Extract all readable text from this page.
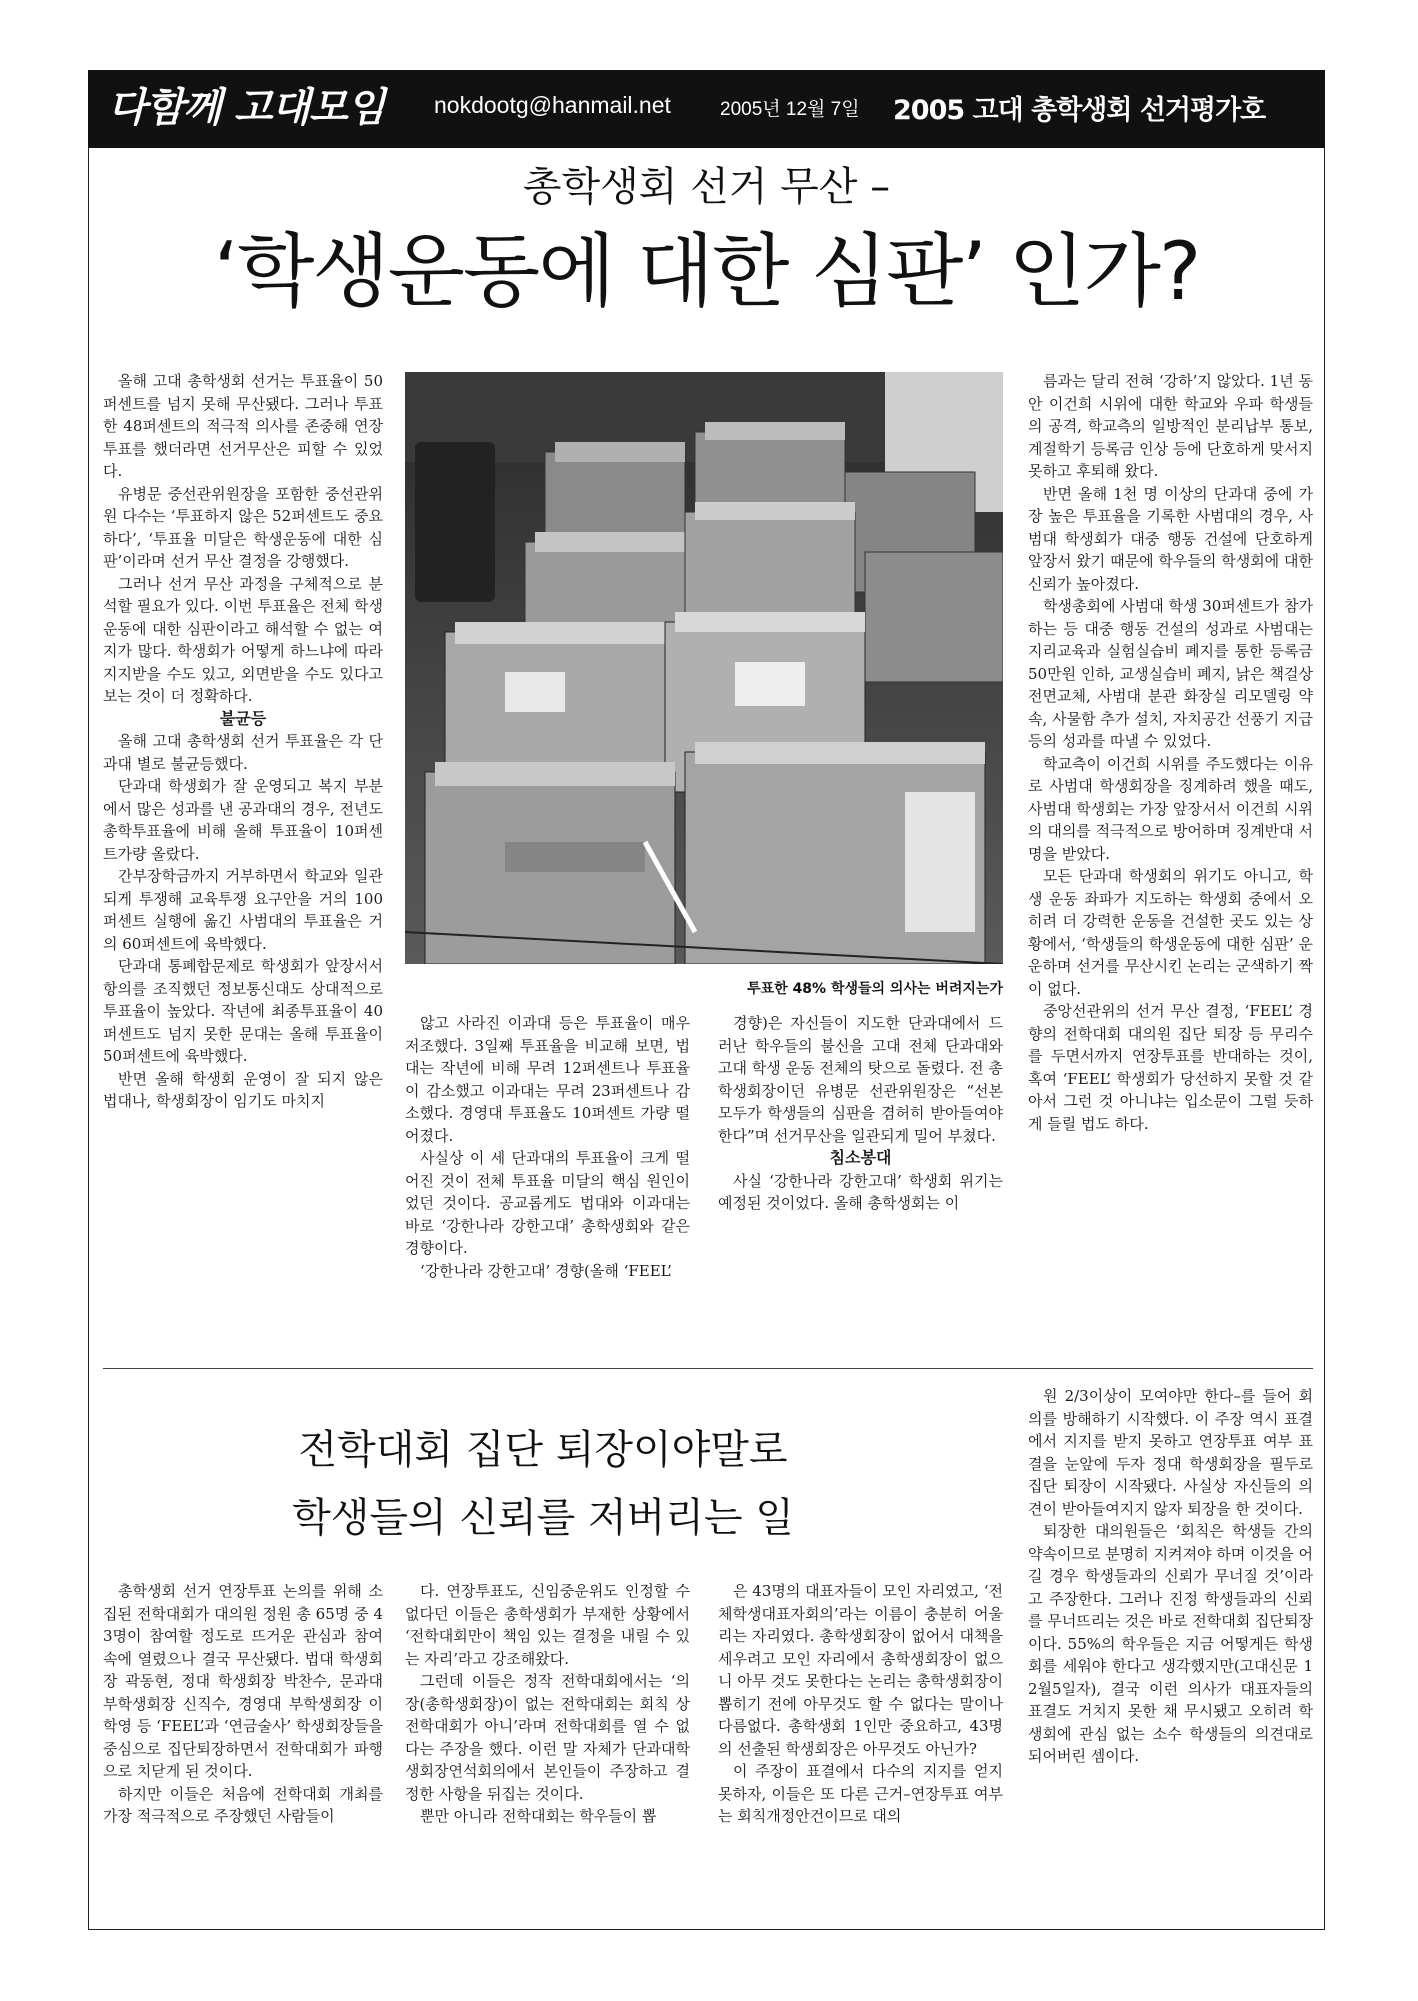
다함께 고대모임 nokdootg@hanmail.net	2005년 12월 7일 2005 고대 총학생회 선거평가호
총학생회 선거 무산 –
‘학생운동에 대한 심판’ 인가?

올해 고대 총학생회 선거는 투표율이 50퍼센트를 넘지 못해 무산됐다. 그러나 투표한 48퍼센트의 적극적 의사를 존중해 연장투표를 했더라면 선거무산은 피할 수 있었다.

유병문 중선관위원장을 포함한 중선관위원 다수는 ‘투표하지 않은 52퍼센트도 중요하다’, ‘투표율 미달은 학생운동에 대한 심판’이라며 선거 무산 결정을 강행했다.

그러나 선거 무산 과정을 구체적으로 분석할 필요가 있다. 이번 투표율은 전체 학생운동에 대한 심판이라고 해석할 수 없는 여지가 많다. 학생회가 어떻게 하느냐에 따라 지지받을 수도 있고, 외면받을 수도 있다고 보는 것이 더 정확하다.

불균등

올해 고대 총학생회 선거 투표율은 각 단과대 별로 불균등했다.

단과대 학생회가 잘 운영되고 복지 부분에서 많은 성과를 낸 공과대의 경우, 전년도 총학투표율에 비해 올해 투표율이 10퍼센트가량 올랐다.

간부장학금까지 거부하면서 학교와 일관되게 투쟁해 교육투쟁 요구안을 거의 100퍼센트 실행에 옮긴 사범대의 투표율은 거의 60퍼센트에 육박했다.

단과대 통폐합문제로 학생회가 앞장서서 항의를 조직했던 정보통신대도 상대적으로 투표율이 높았다. 작년에 최종투표율이 40퍼센트도 넘지 못한 문대는 올해 투표율이 50퍼센트에 육박했다.

반면 올해 학생회 운영이 잘 되지 않은 법대나, 학생회장이 임기도 마치지

투표한 48% 학생들의 의사는 버려지는가

않고 사라진 이과대 등은 투표율이 매우 저조했다. 3일째 투표율을 비교해 보면, 법대는 작년에 비해 무려 12퍼센트나 투표율이 감소했고 이과대는 무려 23퍼센트나 감소했다. 경영대 투표율도 10퍼센트 가량 떨어졌다.

사실상 이 세 단과대의 투표율이 크게 떨어진 것이 전체 투표율 미달의 핵심 원인이었던 것이다. 공교롭게도 법대와 이과대는 바로 ‘강한나라 강한고대’ 총학생회와 같은 경향이다.

‘강한나라 강한고대’ 경향(올해 ‘FEEL’

경향)은 자신들이 지도한 단과대에서 드러난 학우들의 불신을 고대 전체 단과대와 고대 학생 운동 전체의 탓으로 돌렸다. 전 총학생회장이던 유병문 선관위원장은 “선본 모두가 학생들의 심판을 겸허히 받아들여야 한다”며 선거무산을 일관되게 밀어 부쳤다.

침소봉대

사실 ‘강한나라 강한고대’ 학생회 위기는 예정된 것이었다. 올해 총학생회는 이

름과는 달리 전혀 ‘강하’지 않았다. 1년 동안 이건희 시위에 대한 학교와 우파 학생들의 공격, 학교측의 일방적인 분리납부 통보, 계절학기 등록금 인상 등에 단호하게 맞서지 못하고 후퇴해 왔다.

반면 올해 1천 명 이상의 단과대 중에 가장 높은 투표율을 기록한 사범대의 경우, 사범대 학생회가 대중 행동 건설에 단호하게 앞장서 왔기 때문에 학우들의 학생회에 대한 신뢰가 높아졌다.

학생총회에 사범대 학생 30퍼센트가 참가하는 등 대중 행동 건설의 성과로 사범대는 지리교육과 실험실습비 폐지를 통한 등록금 50만원 인하, 교생실습비 폐지, 낡은 책걸상 전면교체, 사범대 분관 화장실 리모델링 약속, 사물함 추가 설치, 자치공간 선풍기 지급 등의 성과를 따낼 수 있었다.

학교측이 이건희 시위를 주도했다는 이유로 사범대 학생회장을 징계하려 했을 때도, 사범대 학생회는 가장 앞장서서 이건희 시위의 대의를 적극적으로 방어하며 징계반대 서명을 받았다.

모든 단과대 학생회의 위기도 아니고, 학생 운동 좌파가 지도하는 학생회 중에서 오히려 더 강력한 운동을 건설한 곳도 있는 상황에서, ‘학생들의 학생운동에 대한 심판’ 운운하며 선거를 무산시킨 논리는 군색하기 짝이 없다.

중앙선관위의 선거 무산 결정, ‘FEEL’ 경향의 전학대회 대의원 집단 퇴장 등 무리수를 두면서까지 연장투표를 반대하는 것이, 혹여 ‘FEEL’ 학생회가 당선하지 못할 것 같아서 그런 것 아니냐는 입소문이 그럴 듯하게 들릴 법도 하다.

전학대회 집단 퇴장이야말로
학생들의 신뢰를 저버리는 일

총학생회 선거 연장투표 논의를 위해 소집된 전학대회가 대의원 정원 총 65명 중 43명이 참여할 정도로 뜨거운 관심과 참여 속에 열렸으나 결국 무산됐다. 법대 학생회장 곽동현, 정대 학생회장 박찬수, 문과대 부학생회장 신직수, 경영대 부학생회장 이학영 등 ‘FEEL’과 ‘연금술사’ 학생회장들을 중심으로 집단퇴장하면서 전학대회가 파행으로 치닫게 된 것이다.

하지만 이들은 처음에 전학대회 개최를 가장 적극적으로 주장했던 사람들이

다. 연장투표도, 신임중운위도 인정할 수 없다던 이들은 총학생회가 부재한 상황에서 ‘전학대회만이 책임 있는 결정을 내릴 수 있는 자리’라고 강조해왔다.

그런데 이들은 정작 전학대회에서는 ‘의장(총학생회장)이 없는 전학대회는 회칙 상 전학대회가 아니’라며 전학대회를 열 수 없다는 주장을 했다. 이런 말 자체가 단과대학생회장연석회의에서 본인들이 주장하고 결정한 사항을 뒤집는 것이다.

뿐만 아니라 전학대회는 학우들이 뽑

은 43명의 대표자들이 모인 자리였고, ‘전체학생대표자회의’라는 이름이 충분히 어울리는 자리였다. 총학생회장이 없어서 대책을 세우려고 모인 자리에서 총학생회장이 없으니 아무 것도 못한다는 논리는 총학생회장이 뽑히기 전에 아무것도 할 수 없다는 말이나 다름없다. 총학생회 1인만 중요하고, 43명의 선출된 학생회장은 아무것도 아닌가?

이 주장이 표결에서 다수의 지지를 얻지 못하자, 이들은 또 다른 근거–연장투표 여부는 회칙개정안건이므로 대의

원 2/3이상이 모여야만 한다–를 들어 회의를 방해하기 시작했다. 이 주장 역시 표결에서 지지를 받지 못하고 연장투표 여부 표결을 눈앞에 두자 정대 학생회장을 필두로 집단 퇴장이 시작됐다. 사실상 자신들의 의견이 받아들여지지 않자 퇴장을 한 것이다.

퇴장한 대의원들은 ‘회칙은 학생들 간의 약속이므로 분명히 지켜져야 하며 이것을 어길 경우 학생들과의 신뢰가 무너질 것’이라고 주장한다. 그러나 진정 학생들과의 신뢰를 무너뜨리는 것은 바로 전학대회 집단퇴장이다. 55%의 학우들은 지금 어떻게든 학생회를 세워야 한다고 생각했지만(고대신문 12월5일자), 결국 이런 의사가 대표자들의 표결도 거치지 못한 채 무시됐고 오히려 학생회에 관심 없는 소수 학생들의 의견대로 되어버린 셈이다.
